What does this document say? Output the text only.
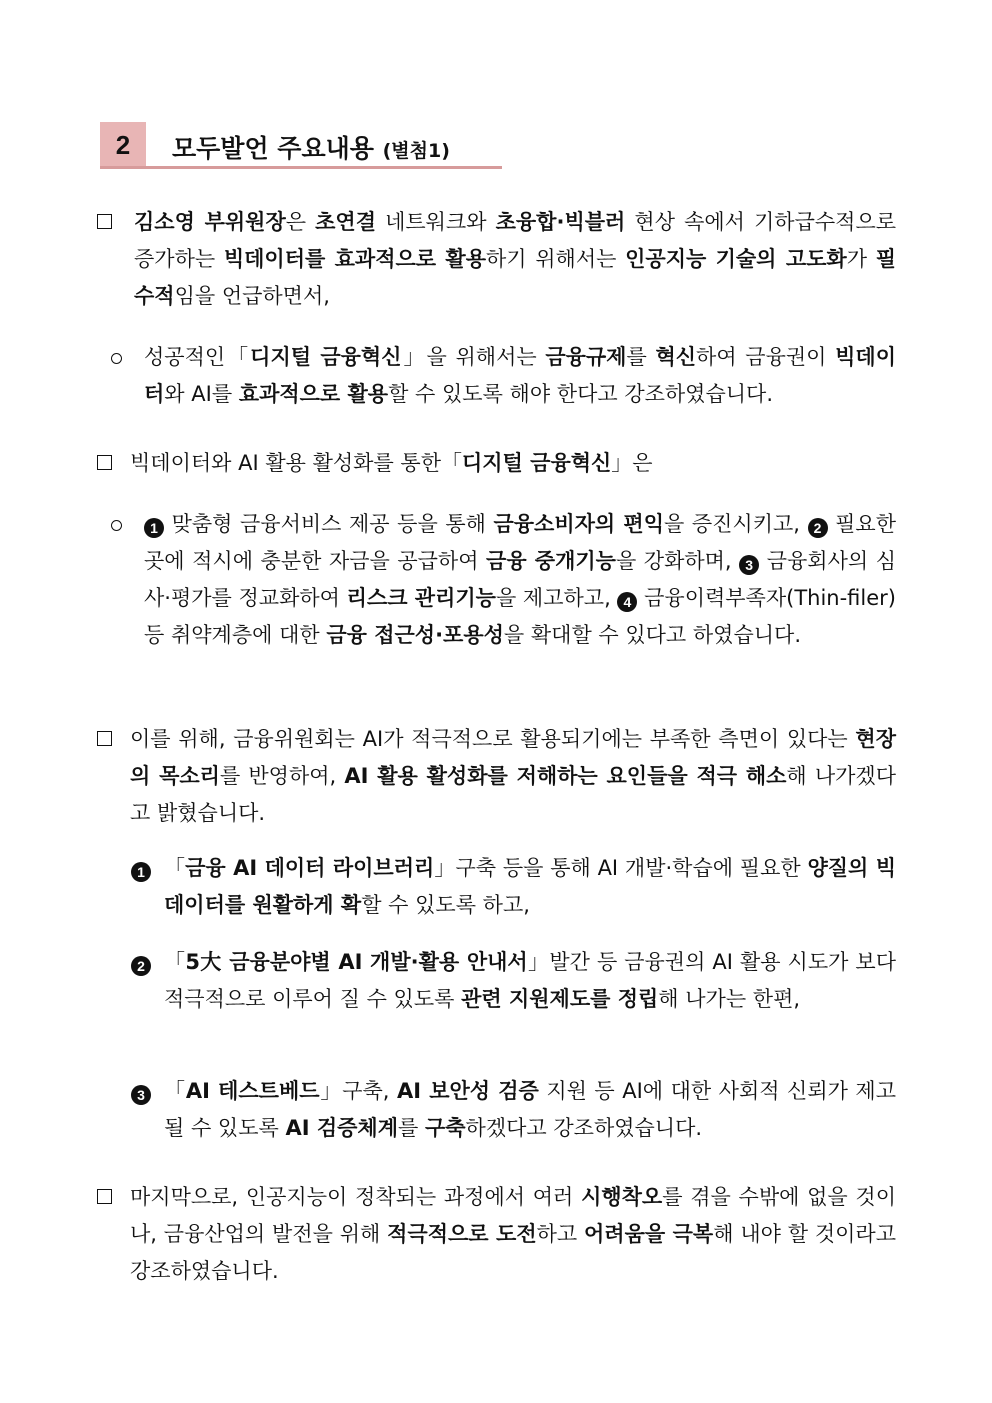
2	모두발언 주요내용 (별첨1)

김소영 부위원장은 초연결 네트워크와 초융합·빅블러 현상 속에서 기하급수적으로 증가하는 빅데이터를 효과적으로 활용하기 위해서는 인공지능 기술의 고도화가 필수적임을 언급하면서,

성공적인「디지털 금융혁신」을 위해서는 금융규제를 혁신하여 금융권이 빅데이터와 AI를 효과적으로 활용할 수 있도록 해야 한다고 강조하였습니다.

빅데이터와 AI 활용 활성화를 통한「디지털 금융혁신」은

1 맞춤형 금융서비스 제공 등을 통해 금융소비자의 편익을 증진시키고, 2 필요한 곳에 적시에 충분한 자금을 공급하여 금융 중개기능을 강화하며, 3 금융회사의 심사·평가를 정교화하여 리스크 관리기능을 제고하고, 4 금융이력부족자(Thin-filer) 등 취약계층에 대한 금융 접근성·포용성을 확대할 수 있다고 하였습니다.

이를 위해, 금융위원회는 AI가 적극적으로 활용되기에는 부족한 측면이 있다는 현장의 목소리를 반영하여, AI 활용 활성화를 저해하는 요인들을 적극 해소해 나가겠다고 밝혔습니다.

1 「금융 AI 데이터 라이브러리」구축 등을 통해 AI 개발·학습에 필요한 양질의 빅데이터를 원활하게 확할 수 있도록 하고,

2 「5大 금융분야별 AI 개발·활용 안내서」발간 등 금융권의 AI 활용 시도가 보다 적극적으로 이루어 질 수 있도록 관련 지원제도를 정립해 나가는 한편,

3 「AI 테스트베드」구축, AI 보안성 검증 지원 등 AI에 대한 사회적 신뢰가 제고될 수 있도록 AI 검증체계를 구축하겠다고 강조하였습니다.

마지막으로, 인공지능이 정착되는 과정에서 여러 시행착오를 겪을 수밖에 없을 것이나, 금융산업의 발전을 위해 적극적으로 도전하고 어려움을 극복해 내야 할 것이라고 강조하였습니다.
